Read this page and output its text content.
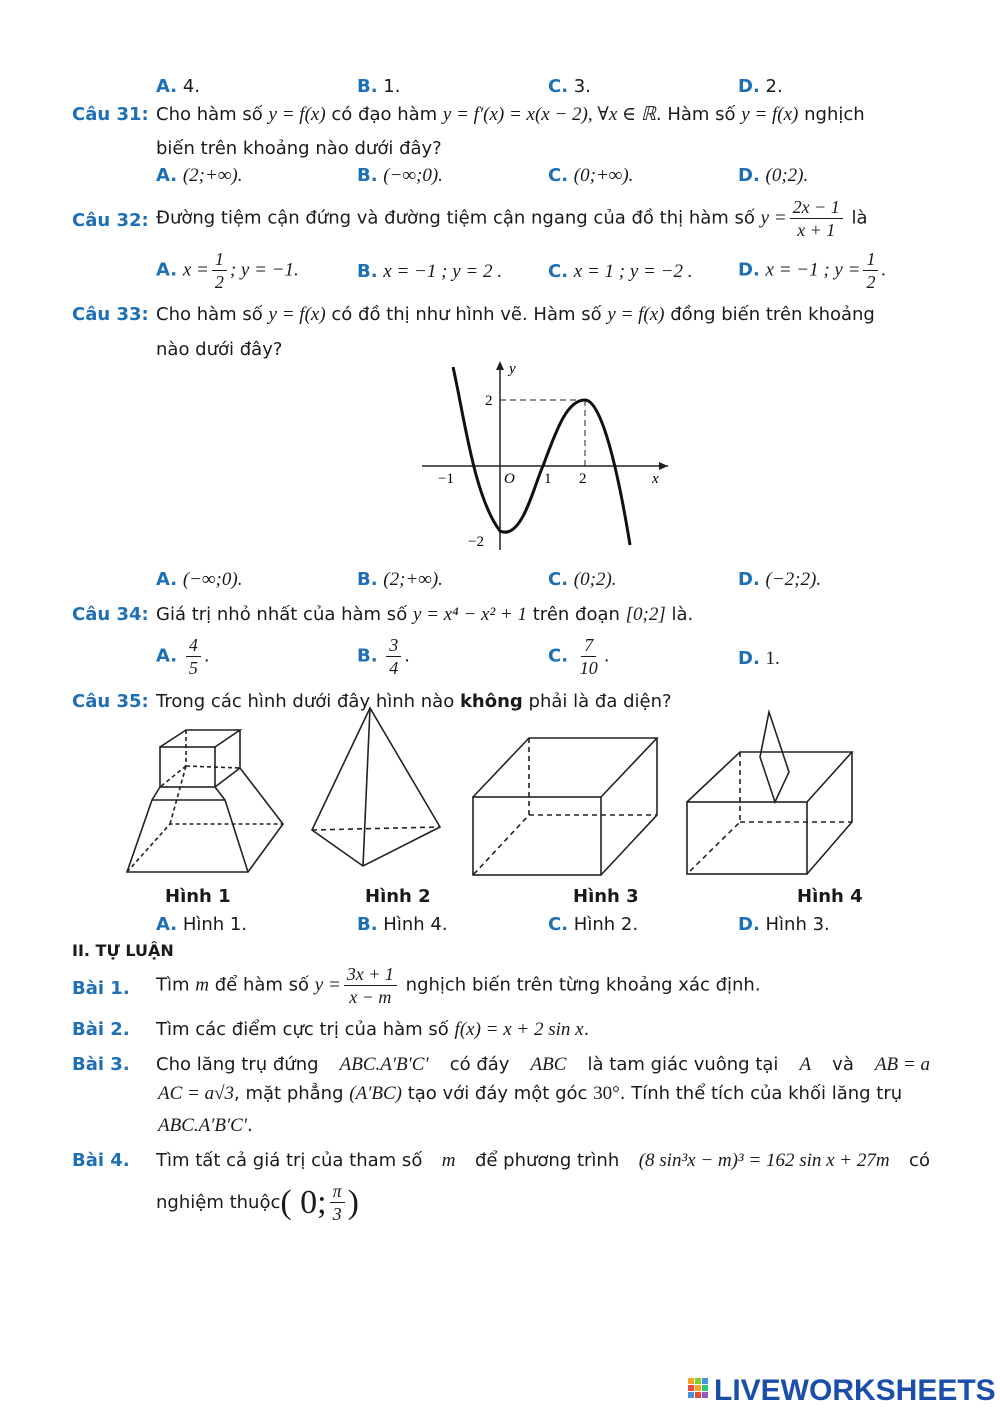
A. 4.	B. 1.	C. 3.	D. 2.
Câu 31: Cho hàm số y = f(x) có đạo hàm y = f′(x) = x(x − 2), ∀x ∈ ℝ. Hàm số y = f(x) nghịch
biến trên khoảng nào dưới đây?
A. (2;+∞).	B. (−∞;0).	C. (0;+∞).	D. (0;2).
Câu 32: Đường tiệm cận đứng và đường tiệm cận ngang của đồ thị hàm số $y = \frac{2x - 1}{x + 1}$ là
A. $x = \frac{1}{2}$ ; y = −1.	B. x = −1 ; y = 2 .	C. x = 1 ; y = −2 .	D. x = −1 ; $y = \frac{1}{2}$ .
Câu 33: Cho hàm số y = f(x) có đồ thị như hình vẽ. Hàm số y = f(x) đồng biến trên khoảng
nào dưới đây?
y
x
O
−1	1 2
2
−2
A. (−∞;0).	B. (2;+∞).	C. (0;2).	D. (−2;2).
Câu 34: Giá trị nhỏ nhất của hàm số y = x⁴ − x² + 1 trên đoạn [0;2] là.
A. $\frac{4}{5}$ .	B. $\frac{3}{4}$ .	C. $\frac{7}{10}$ .	D. 1.
Câu 35: Trong các hình dưới đây hình nào không phải là đa diện?
Hình 1	Hình 2	Hình 3	Hình 4
A. Hình 1.	B. Hình 4.	C. Hình 2.	D. Hình 3.
II. TỰ LUẬN
Bài 1. Tìm m để hàm số $y = \frac{3x + 1}{x - m}$ nghịch biến trên từng khoảng xác định.
Bài 2. Tìm các điểm cực trị của hàm số f(x) = x + 2 sin x.
Bài 3. Cho lăng trụ đứng ABC.A′B′C′ có đáy ABC là tam giác vuông tại A và AB = a
AC = a√3, mặt phẳng (A′BC) tạo với đáy một góc 30°. Tính thể tích của khối lăng trụ
ABC.A′B′C′.
Bài 4. Tìm tất cả giá trị của tham số m để phương trình (8 sin³x − m)³ = 162 sin x + 27m có
nghiệm thuộc ( 0; $\frac{\pi}{3}$ )
LIVEWORKSHEETS
